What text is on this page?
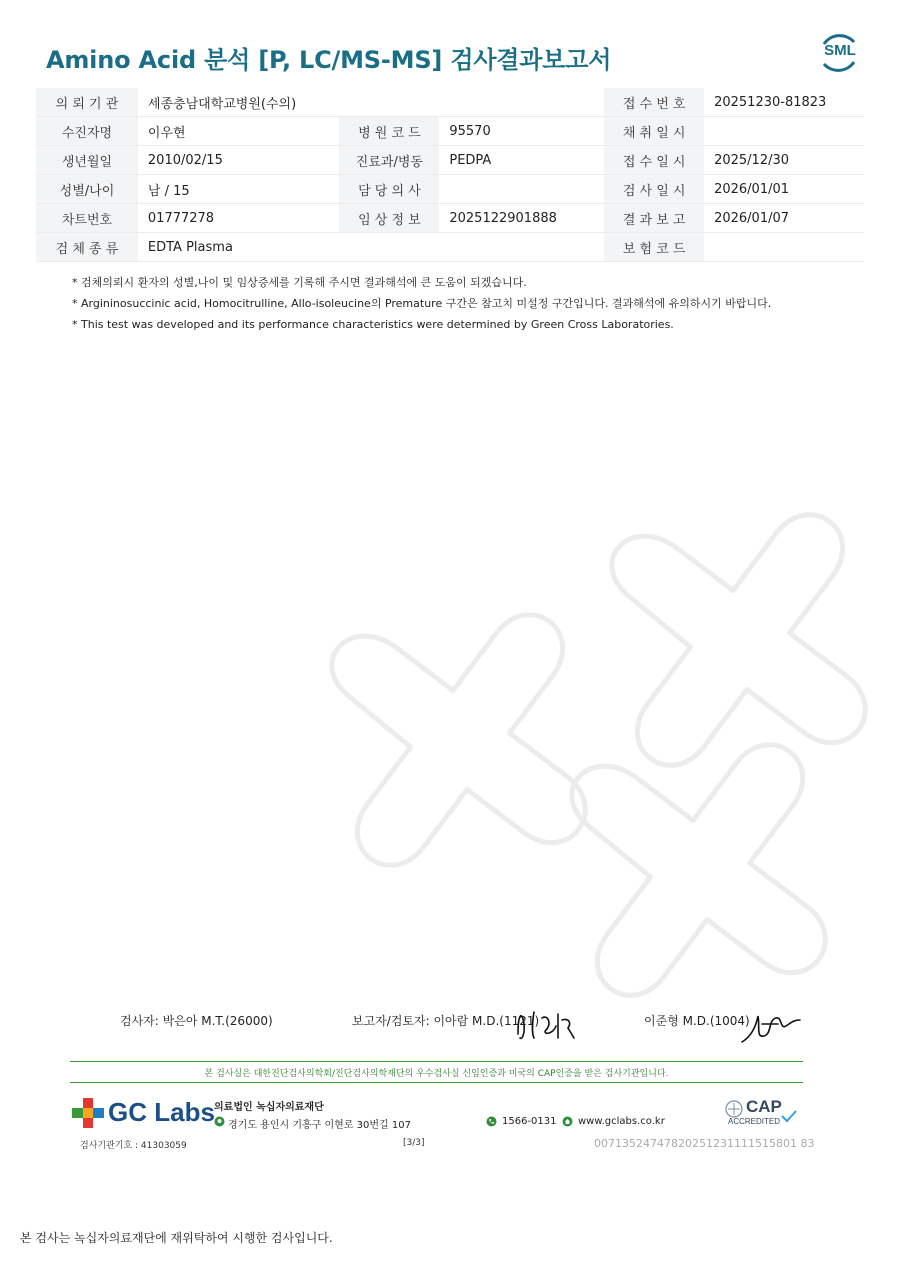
Amino Acid 분석 [P, LC/MS-MS] 검사결과보고서	SML
의 뢰 기 관	세종충남대학교병원(수의)			접 수 번 호	20251230-81823
수진자명	이우현	병 원 코 드	95570	채 취 일 시	
생년월일	2010/02/15	진료과/병동	PEDPA	접 수 일 시	2025/12/30
성별/나이	남 / 15	담 당 의 사		검 사 일 시	2026/01/01
차트번호	01777278	임 상 정 보	2025122901888	결 과 보 고	2026/01/07
검 체 종 류	EDTA Plasma			보 험 코 드	
* 검체의뢰시 환자의 성별,나이 및 임상증세를 기록해 주시면 결과해석에 큰 도움이 되겠습니다.
* Argininosuccinic acid, Homocitrulline, Allo-isoleucine의 Premature 구간은 참고치 미설정 구간입니다. 결과해석에 유의하시기 바랍니다.
* This test was developed and its performance characteristics were determined by Green Cross Laboratories.
검사자: 박은아 M.T.(26000)	보고자/검토자: 이아람 M.D.(1121)	이준형 M.D.(1004)
본 검사실은 대한진단검사의학회/진단검사의학재단의 우수검사실 신임인증과 미국의 CAP인증을 받은 검사기관입니다.
GC Labs 의료법인 녹십자의료재단
경기도 용인시 기흥구 이현로 30번길 107	1566-0131 www.gclabs.co.kr
검사기관기호 : 41303059	[3/3]	00713524747820251231111515801 83
CAP
ACCREDITED
본 검사는 녹십자의료재단에 재위탁하여 시행한 검사입니다.
